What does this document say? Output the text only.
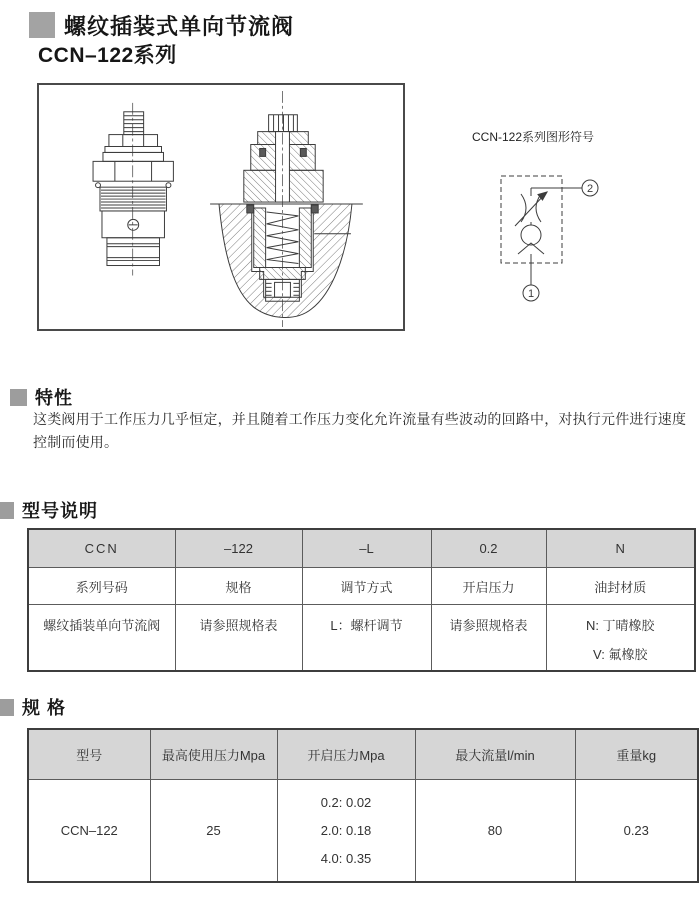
螺纹插装式单向节流阀
CCN–122系列
CCN-122系列图形符号
2
1
特性
这类阀用于工作压力几乎恒定，并且随着工作压力变化允许流量有些波动的回路中，对执行元件进行速度控制而使用。
型号说明
CCN	–122	–L	0.2	N
系列号码	规格	调节方式	开启压力	油封材质
螺纹插装单向节流阀	请参照规格表	L：螺杆调节	请参照规格表	N: 丁晴橡胶
V: 氟橡胶
规 格
型号	最高使用压力Mpa	开启压力Mpa	最大流量l/min	重量kg
CCN–122	25	0.2: 0.02
2.0: 0.18
4.0: 0.35	80	0.23
